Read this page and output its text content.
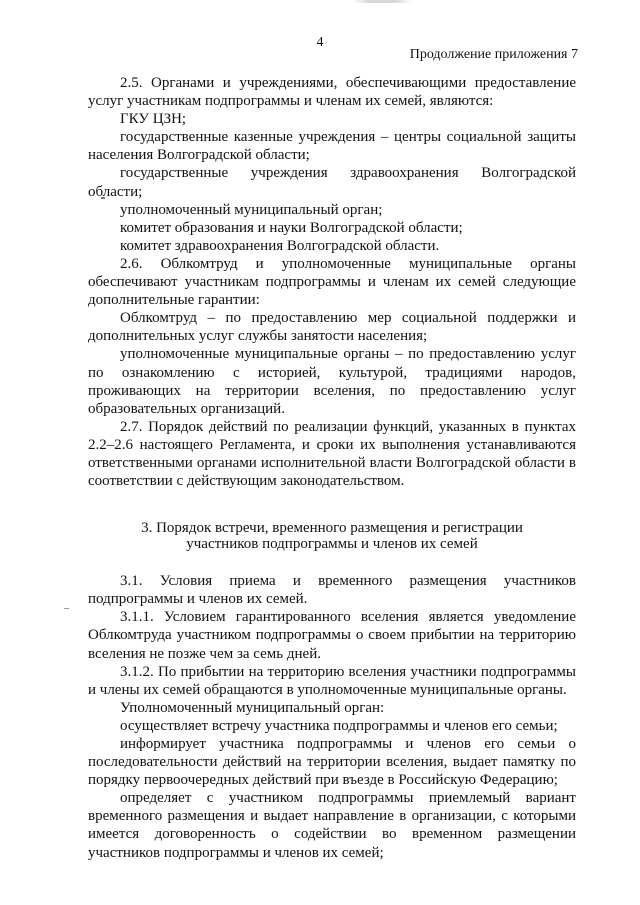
4
Продолжение приложения 7

2.5. Органами и учреждениями, обеспечивающими предоставление услуг участникам подпрограммы и членам их семей, являются:

ГКУ ЦЗН;

государственные казенные учреждения – центры социальной защиты населения Волгоградской области;

государственные учреждения здравоохранения Волгоградской области;

уполномоченный муниципальный орган;

комитет образования и науки Волгоградской области;

комитет здравоохранения Волгоградской области.

2.6. Облкомтруд и уполномоченные муниципальные органы обеспечивают участникам подпрограммы и членам их семей следующие дополнительные гарантии:

Облкомтруд – по предоставлению мер социальной поддержки и дополнительных услуг службы занятости населения;

уполномоченные муниципальные органы – по предоставлению услуг по ознакомлению с историей, культурой, традициями народов, проживающих на территории вселения, по предоставлению услуг образовательных организаций.

2.7. Порядок действий по реализации функций, указанных в пунктах 2.2–2.6 настоящего Регламента, и сроки их выполнения устанавливаются ответственными органами исполнительной власти Волгоградской области в соответствии с действующим законодательством.

3. Порядок встречи, временного размещения и регистрации
участников подпрограммы и членов их семей

3.1. Условия приема и временного размещения участников подпрограммы и членов их семей.

3.1.1. Условием гарантированного вселения является уведомление Облкомтруда участником подпрограммы о своем прибытии на территорию вселения не позже чем за семь дней.

3.1.2. По прибытии на территорию вселения участники подпрограммы и члены их семей обращаются в уполномоченные муниципальные органы.

Уполномоченный муниципальный орган:

осуществляет встречу участника подпрограммы и членов его семьи;

информирует участника подпрограммы и членов его семьи о последовательности действий на территории вселения, выдает памятку по порядку первоочередных действий при въезде в Российскую Федерацию;

определяет с участником подпрограммы приемлемый вариант временного размещения и выдает направление в организации, с которыми имеется договоренность о содействии во временном размещении участников подпрограммы и членов их семей;
